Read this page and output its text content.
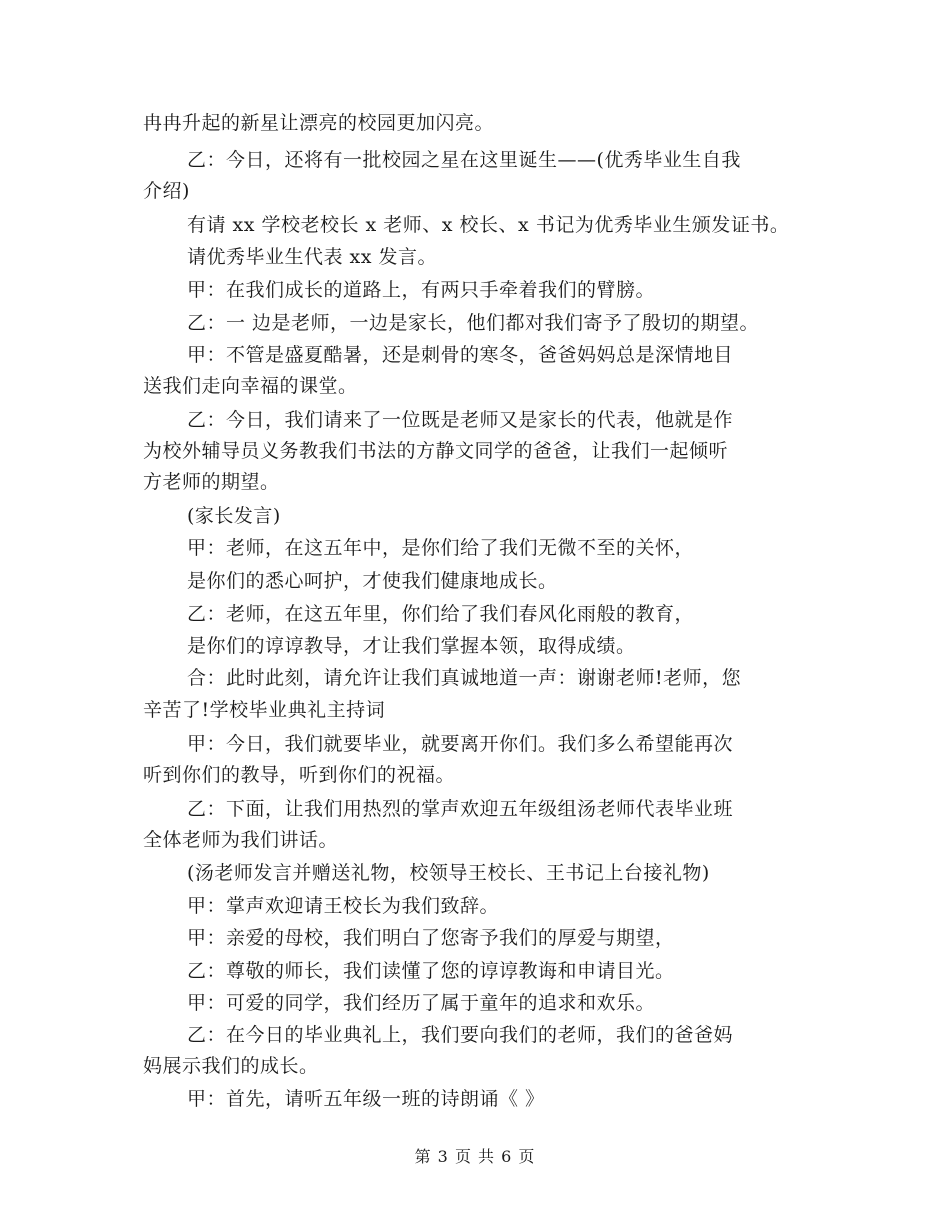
冉冉升起的新星让漂亮的校园更加闪亮。
乙：今日，还将有一批校园之星在这里诞生——(优秀毕业生自我
介绍)
有请 xx 学校老校长 x 老师、x 校长、x 书记为优秀毕业生颁发证书。
请优秀毕业生代表 xx 发言。
甲：在我们成长的道路上，有两只手牵着我们的臂膀。
乙：一 边是老师，一边是家长，他们都对我们寄予了殷切的期望。
甲：不管是盛夏酷暑，还是刺骨的寒冬，爸爸妈妈总是深情地目
送我们走向幸福的课堂。
乙：今日，我们请来了一位既是老师又是家长的代表，他就是作
为校外辅导员义务教我们书法的方静文同学的爸爸，让我们一起倾听
方老师的期望。
(家长发言)
甲：老师，在这五年中，是你们给了我们无微不至的关怀，
是你们的悉心呵护，才使我们健康地成长。
乙：老师，在这五年里，你们给了我们春风化雨般的教育，
是你们的谆谆教导，才让我们掌握本领，取得成绩。
合：此时此刻，请允许让我们真诚地道一声：谢谢老师!老师，您
辛苦了!学校毕业典礼主持词
甲：今日，我们就要毕业，就要离开你们。我们多么希望能再次
听到你们的教导，听到你们的祝福。
乙：下面，让我们用热烈的掌声欢迎五年级组汤老师代表毕业班
全体老师为我们讲话。
(汤老师发言并赠送礼物，校领导王校长、王书记上台接礼物)
甲：掌声欢迎请王校长为我们致辞。
甲：亲爱的母校，我们明白了您寄予我们的厚爱与期望，
乙：尊敬的师长，我们读懂了您的谆谆教诲和申请目光。
甲：可爱的同学，我们经历了属于童年的追求和欢乐。
乙：在今日的毕业典礼上，我们要向我们的老师，我们的爸爸妈
妈展示我们的成长。
甲：首先，请听五年级一班的诗朗诵《 》
第 3 页 共 6 页
